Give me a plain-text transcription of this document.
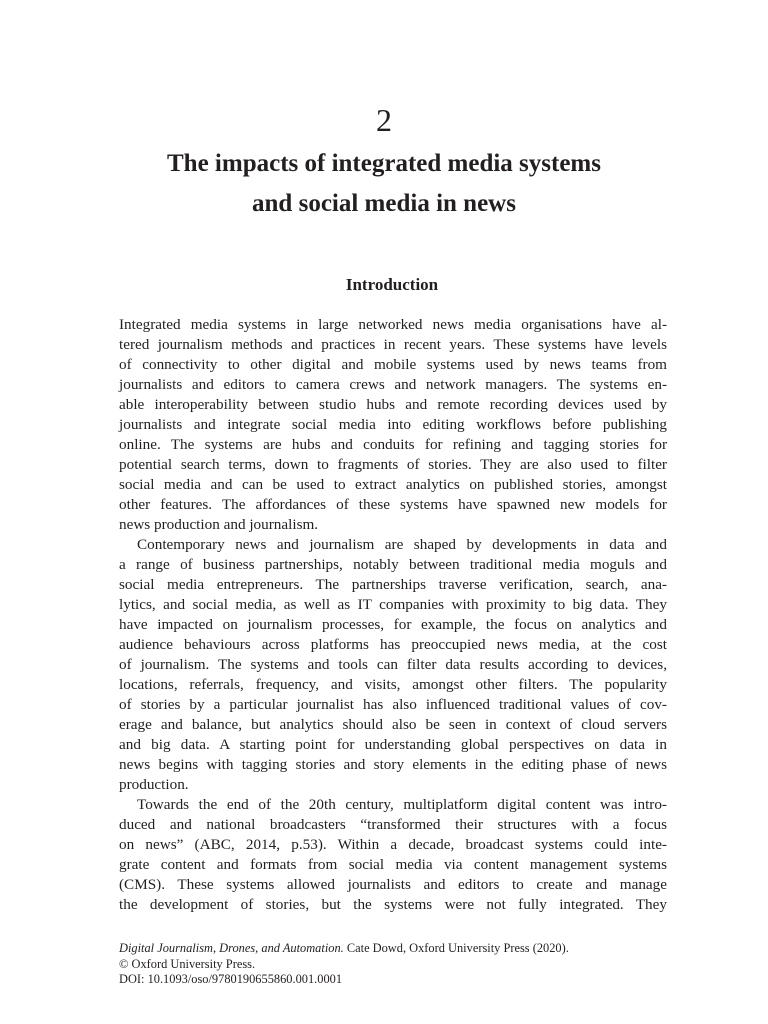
2
The impacts of integrated media systems
and social media in news
Introduction
Integrated media systems in large networked news media organisations have al-
tered journalism methods and practices in recent years. These systems have levels
of connectivity to other digital and mobile systems used by news teams from
journalists and editors to camera crews and network managers. The systems en-
able interoperability between studio hubs and remote recording devices used by
journalists and integrate social media into editing workflows before publishing
online. The systems are hubs and conduits for refining and tagging stories for
potential search terms, down to fragments of stories. They are also used to filter
social media and can be used to extract analytics on published stories, amongst
other features. The affordances of these systems have spawned new models for
news production and journalism.
Contemporary news and journalism are shaped by developments in data and
a range of business partnerships, notably between traditional media moguls and
social media entrepreneurs. The partnerships traverse verification, search, ana-
lytics, and social media, as well as IT companies with proximity to big data. They
have impacted on journalism processes, for example, the focus on analytics and
audience behaviours across platforms has preoccupied news media, at the cost
of journalism. The systems and tools can filter data results according to devices,
locations, referrals, frequency, and visits, amongst other filters. The popularity
of stories by a particular journalist has also influenced traditional values of cov-
erage and balance, but analytics should also be seen in context of cloud servers
and big data. A starting point for understanding global perspectives on data in
news begins with tagging stories and story elements in the editing phase of news
production.
Towards the end of the 20th century, multiplatform digital content was intro-
duced and national broadcasters “transformed their structures with a focus
on news” (ABC, 2014, p.53). Within a decade, broadcast systems could inte-
grate content and formats from social media via content management systems
(CMS). These systems allowed journalists and editors to create and manage
the development of stories, but the systems were not fully integrated. They
Digital Journalism, Drones, and Automation. Cate Dowd, Oxford University Press (2020).
© Oxford University Press.
DOI: 10.1093/oso/9780190655860.001.0001
